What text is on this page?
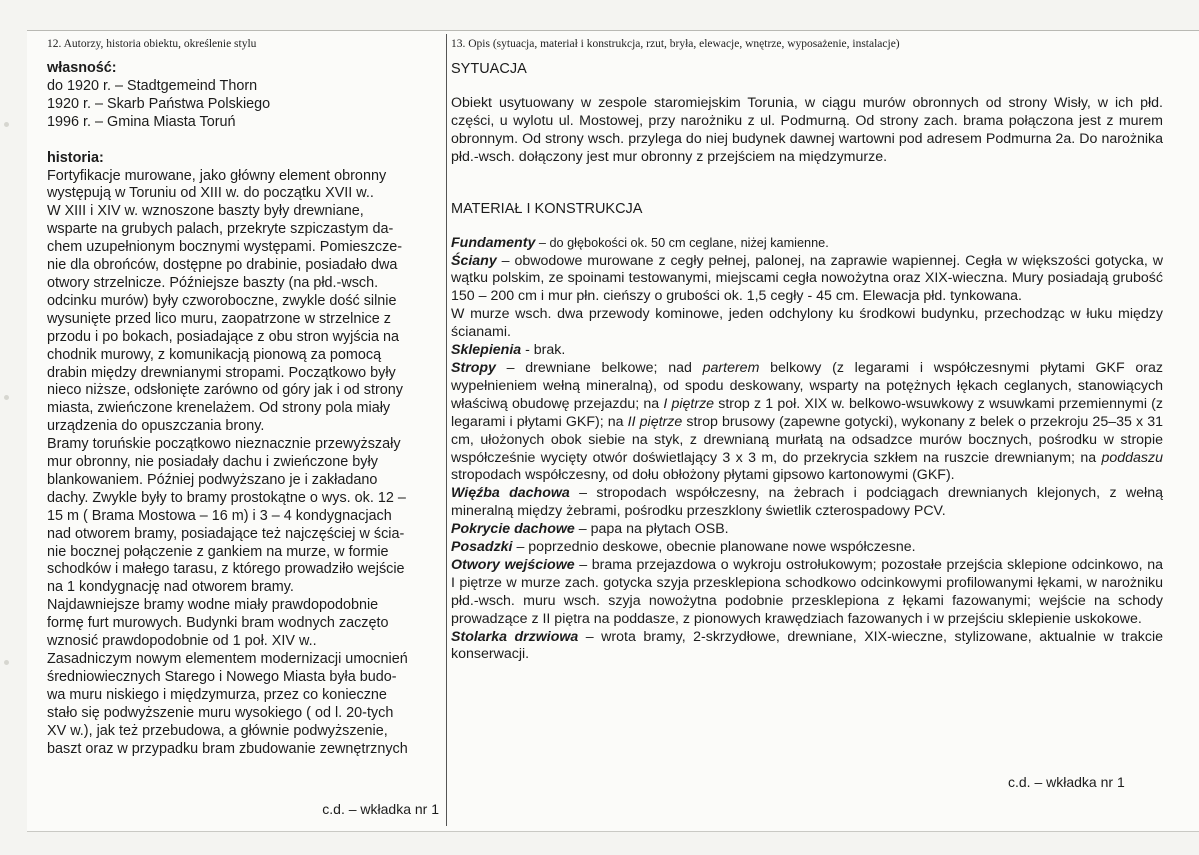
12. Autorzy, historia obiektu, określenie stylu

własność:

do 1920 r. – Stadtgemeind Thorn

1920 r. – Skarb Państwa Polskiego

1996 r. – Gmina Miasta Toruń

historia:

Fortyfikacje murowane, jako główny element obronny

występują w Toruniu od XIII w. do początku XVII w..

W XIII i XIV w. wznoszone baszty były drewniane,

wsparte na grubych palach, przekryte szpiczastym da-

chem uzupełnionym bocznymi występami. Pomieszcze-

nie dla obrońców, dostępne po drabinie, posiadało dwa

otwory strzelnicze. Późniejsze baszty (na płd.-wsch.

odcinku murów) były czworoboczne, zwykle dość silnie

wysunięte przed lico muru, zaopatrzone w strzelnice z

przodu i po bokach, posiadające z obu stron wyjścia na

chodnik murowy, z komunikacją pionową za pomocą

drabin między drewnianymi stropami. Początkowo były

nieco niższe, odsłonięte zarówno od góry jak i od strony

miasta, zwieńczone krenelażem. Od strony pola miały

urządzenia do opuszczania brony.

Bramy toruńskie początkowo nieznacznie przewyższały

mur obronny, nie posiadały dachu i zwieńczone były

blankowaniem. Później podwyższano je i zakładano

dachy. Zwykle były to bramy prostokątne o wys. ok. 12 –

15 m ( Brama Mostowa – 16 m) i 3 – 4 kondygnacjach

nad otworem bramy, posiadające też najczęściej w ścia-

nie bocznej połączenie z gankiem na murze, w formie

schodków i małego tarasu, z którego prowadziło wejście

na 1 kondygnację nad otworem bramy.

Najdawniejsze bramy wodne miały prawdopodobnie

formę furt murowych. Budynki bram wodnych zaczęto

wznosić prawdopodobnie od 1 poł. XIV w..

Zasadniczym nowym elementem modernizacji umocnień

średniowiecznych Starego i Nowego Miasta była budo-

wa muru niskiego i międzymurza, przez co konieczne

stało się podwyższenie muru wysokiego ( od l. 20-tych

XV w.), jak też przebudowa, a głównie podwyższenie,

baszt oraz w przypadku bram zbudowanie zewnętrznych

c.d. – wkładka nr 1
13. Opis (sytuacja, materiał i konstrukcja, rzut, bryła, elewacje, wnętrze, wyposażenie, instalacje)

SYTUACJA

Obiekt usytuowany w zespole staromiejskim Torunia, w ciągu murów obronnych od strony Wisły, w ich płd. części, u wylotu ul. Mostowej, przy narożniku z ul. Podmurną. Od strony zach. brama połączona jest z murem obronnym. Od strony wsch. przylega do niej budynek dawnej wartowni pod adresem Podmurna 2a. Do narożnika płd.-wsch. dołączony jest mur obronny z przejściem na międzymurze.

MATERIAŁ I KONSTRUKCJA

Fundamenty – do głębokości ok. 50 cm ceglane, niżej kamienne.

Ściany – obwodowe murowane z cegły pełnej, palonej, na zaprawie wapiennej. Cegła w większości gotycka, w wątku polskim, ze spoinami testowanymi, miejscami cegła nowożytna oraz XIX-wieczna. Mury posiadają grubość 150 – 200 cm i mur płn. cieńszy o grubości ok. 1,5 cegły - 45 cm. Elewacja płd. tynkowana.

W murze wsch. dwa przewody kominowe, jeden odchylony ku środkowi budynku, przechodząc w łuku między ścianami.

Sklepienia - brak.

Stropy – drewniane belkowe; nad parterem belkowy (z legarami i współczesnymi płytami GKF oraz wypełnieniem wełną mineralną), od spodu deskowany, wsparty na potężnych łękach ceglanych, stanowiących właściwą obudowę przejazdu; na I piętrze strop z 1 poł. XIX w. belkowo-wsuwkowy z wsuwkami przemiennymi (z legarami i płytami GKF); na II piętrze strop brusowy (zapewne gotycki), wykonany z belek o przekroju 25–35 x 31 cm, ułożonych obok siebie na styk, z drewnianą murłatą na odsadzce murów bocznych, pośrodku w stropie współcześnie wycięty otwór doświetlający 3 x 3 m, do przekrycia szkłem na ruszcie drewnianym; na poddaszu stropodach współczesny, od dołu obłożony płytami gipsowo kartonowymi (GKF).

Więźba dachowa – stropodach współczesny, na żebrach i podciągach drewnianych klejonych, z wełną mineralną między żebrami, pośrodku przeszklony świetlik czterospadowy PCV.

Pokrycie dachowe – papa na płytach OSB.

Posadzki – poprzednio deskowe, obecnie planowane nowe współczesne.

Otwory wejściowe – brama przejazdowa o wykroju ostrołukowym; pozostałe przejścia sklepione odcinkowo, na I piętrze w murze zach. gotycka szyja przesklepiona schodkowo odcinkowymi profilowanymi łękami, w narożniku płd.-wsch. muru wsch. szyja nowożytna podobnie przesklepiona z łękami fazowanymi; wejście na schody prowadzące z II piętra na poddasze, z pionowych krawędziach fazowanych i w przejściu sklepienie uskokowe.

Stolarka drzwiowa – wrota bramy, 2-skrzydłowe, drewniane, XIX-wieczne, stylizowane, aktualnie w trakcie konserwacji.

c.d. – wkładka nr 1
